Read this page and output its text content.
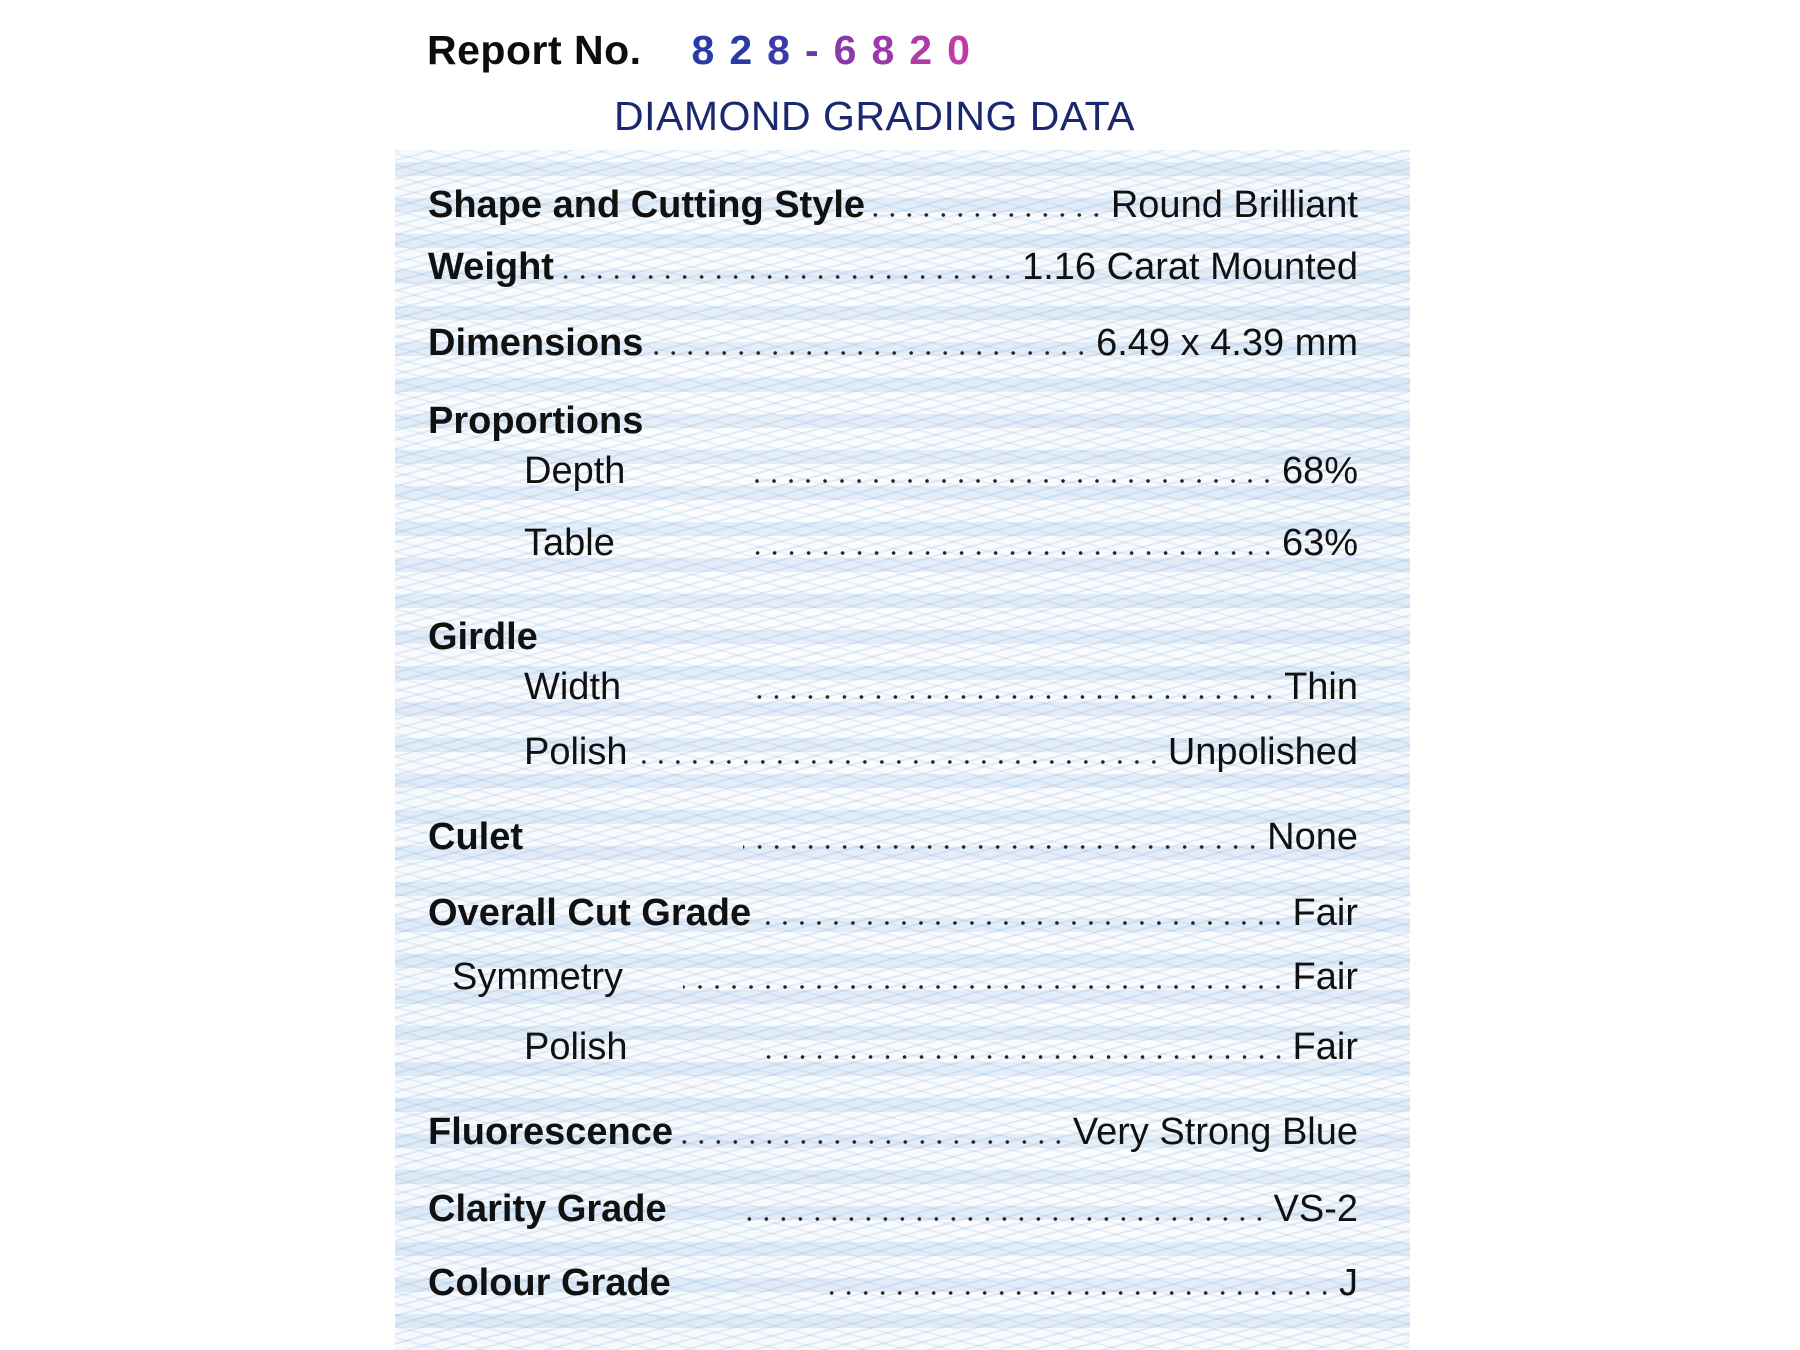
Report No. 8 2 8 - 6 8 2 0
DIAMOND GRADING DATA
Shape and Cutting Style	Round Brilliant
Weight	1.16 Carat Mounted
Dimensions	6.49 x 4.39 mm
Proportions
Depth	68%
Table	63%
Girdle
Width	Thin
Polish	Unpolished
Culet	None
Overall Cut Grade	Fair
Symmetry	Fair
Polish	Fair
Fluorescence	Very Strong Blue
Clarity Grade	VS-2
Colour Grade	J
